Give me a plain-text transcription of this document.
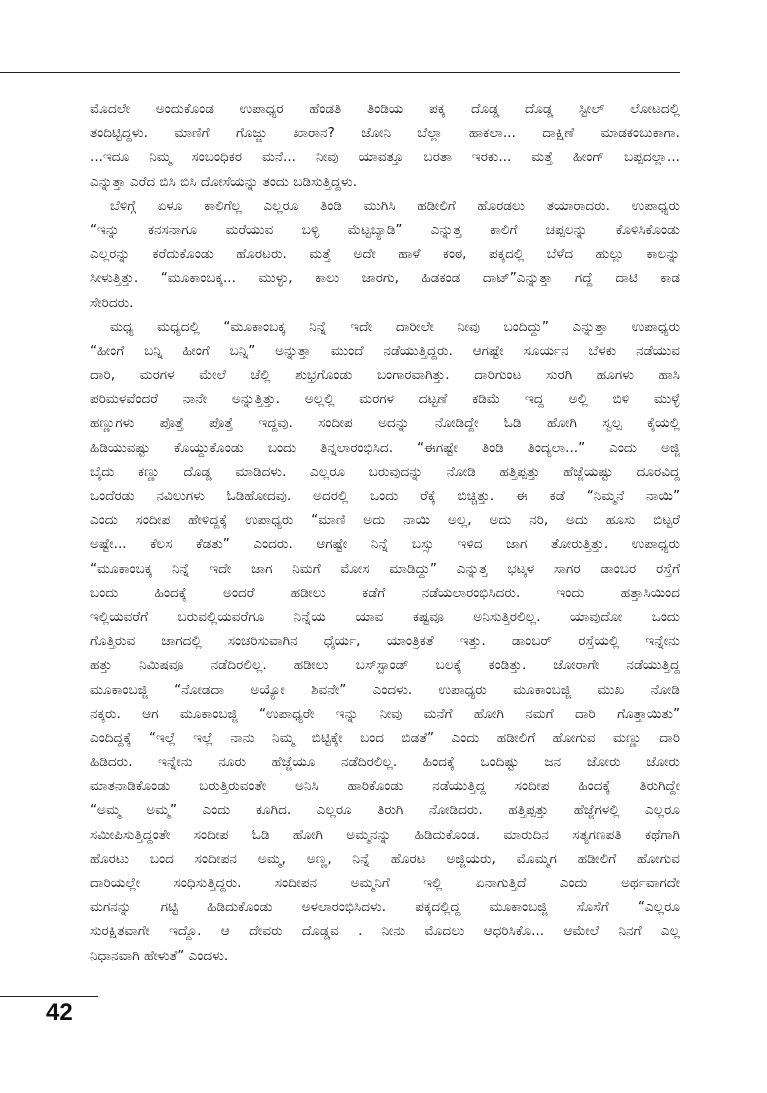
ಮೊದಲೇ ಅಂದುಕೊಂಡ ಉಪಾಧ್ಯರ ಹೆಂಡತಿ ತಿಂಡಿಯ ಪಕ್ಕ ದೊಡ್ಡ ದೊಡ್ಡ ಸ್ಟೀಲ್ ಲೋಟದಲ್ಲಿ
ತಂದಿಟ್ಟಿದ್ದಳು. ಮಾಣಿಗೆ ಗೊಜ್ಜು ಖಾರಾನ? ಜೋನಿ ಬೆಲ್ಲಾ ಹಾಕಲಾ... ದಾಕ್ಷಿಣೆ ಮಾಡಕಂಬುಕಾಗಾ.
...ಇದೂ ನಿಮ್ಮ ಸಂಬಂಧಿಕರ ಮನೆ... ನೀವು ಯಾವತ್ತೂ ಬರತಾ ಇರಕು... ಮತ್ತೆ ಹೀಂಗ್ ಬಪ್ಪದಲ್ಲಾ...
ಎನ್ನುತ್ತಾ ಎರೆದ ಬಿಸಿ ಬಿಸಿ ದೋಸೆಯನ್ನು ತಂದು ಬಡಿಸುತ್ತಿದ್ದಳು.
ಬೆಳಿಗ್ಗೆ ಏಳೂ ಕಾಲಿಗೆಲ್ಲ ಎಲ್ಲರೂ ತಿಂಡಿ ಮುಗಿಸಿ ಹಡೀಲಿಗೆ ಹೊರಡಲು ತಯಾರಾದರು. ಉಪಾಧ್ಯರು
“ಇನ್ನು ಕನಸನಾಗೂ ಮರೆಯುವ ಬಳ್ಳಿ ಮೆಟ್ಟಬ್ಯಾಡಿ” ಎನ್ನುತ್ತ ಕಾಲಿಗೆ ಚಪ್ಪಲನ್ನು ಕೊಳಿಸಿಕೊಂಡು
ಎಲ್ಲರನ್ನು ಕರೆದುಕೊಂಡು ಹೊರಟರು. ಮತ್ತೆ ಅದೇ ಹಾಳೆ ಕಂಠ, ಪಕ್ಕದಲ್ಲಿ ಬೆಳೆದ ಹುಲ್ಲು ಕಾಲನ್ನು
ಸೀಳುತ್ತಿತ್ತು. “ಮೂಕಾಂಬಕ್ಕ... ಮುಳ್ಳು, ಕಾಲು ಜಾರಗು, ಹಿಡಕಂಡ ದಾಟ್”ಎನ್ನುತ್ತಾ ಗದ್ದೆ ದಾಟಿ ಕಾಡ
ಸೇರಿದರು.
ಮಧ್ಯ ಮಧ್ಯದಲ್ಲಿ “ಮೂಕಾಂಬಕ್ಕ ನಿನ್ನೆ ಇದೇ ದಾರೀಲೇ ನೀವು ಬಂದಿದ್ದು” ಎನ್ನುತ್ತಾ ಉಪಾಧ್ಯರು
“ಹೀಂಗೆ ಬನ್ನಿ ಹೀಂಗೆ ಬನ್ನಿ” ಅನ್ನುತ್ತಾ ಮುಂದೆ ನಡೆಯುತ್ತಿದ್ದರು. ಆಗಷ್ಟೇ ಸೂರ್ಯನ ಬೆಳಕು ನಡೆಯುವ
ದಾರಿ, ಮರಗಳ ಮೇಲೆ ಚೆಲ್ಲಿ ಶುಭ್ರಗೊಂಡು ಬಂಗಾರವಾಗಿತ್ತು. ದಾರಿಗುಂಟ ಸುರಗಿ ಹೂಗಳು ಹಾಸಿ
ಪರಿಮಳವೆಂದರೆ ನಾನೇ ಅನ್ನುತ್ತಿತ್ತು. ಅಲ್ಲಲ್ಲಿ ಮರಗಳ ದಟ್ಟಣೆ ಕಡಿಮೆ ಇದ್ದ ಅಲ್ಲಿ ಬಿಳಿ ಮುಳ್ಳೆ
ಹಣ್ಣುಗಳು ಪೊತ್ತೆ ಪೊತ್ತೆ ಇದ್ದವು. ಸಂದೀಪ ಅದನ್ನು ನೋಡಿದ್ದೇ ಓಡಿ ಹೋಗಿ ಸ್ವಲ್ಪ ಕೈಯಲ್ಲಿ
ಹಿಡಿಯುವಷ್ಟು ಕೊಯ್ದುಕೊಂಡು ಬಂದು ತಿನ್ನಲಾರಂಭಿಸಿದ. “ಈಗಷ್ಟೇ ತಿಂಡಿ ತಿಂದ್ಯಲಾ...” ಎಂದು ಅಜ್ಜಿ
ಬೈದು ಕಣ್ಣು ದೊಡ್ಡ ಮಾಡಿದಳು. ಎಲ್ಲರೂ ಬರುವುದನ್ನು ನೋಡಿ ಹತ್ತಿಪ್ಪತ್ತು ಹೆಜ್ಜೆಯಷ್ಟು ದೂರವಿದ್ದ
ಒಂದೆರಡು ನವಿಲುಗಳು ಓಡಿಹೋದವು. ಅದರಲ್ಲಿ ಒಂದು ರೆಕ್ಕೆ ಬಿಚ್ಚಿತ್ತು. ಈ ಕಡೆ “ನಿಮ್ಮನೆ ನಾಯಿ”
ಎಂದು ಸಂದೀಪ ಹೇಳಿದ್ದಕ್ಕೆ ಉಪಾಧ್ಯರು “ಮಾಣಿ ಅದು ನಾಯಿ ಅಲ್ಲ, ಅದು ನರಿ, ಅದು ಹೂಸು ಬಿಟ್ಟರೆ
ಅಷ್ಟೇ... ಕೆಲಸ ಕೆಡತು” ಎಂದರು. ಆಗಷ್ಟೇ ನಿನ್ನೆ ಬಸ್ಸು ಇಳಿದ ಜಾಗ ತೋರುತ್ತಿತ್ತು. ಉಪಾಧ್ಯರು
“ಮೂಕಾಂಬಕ್ಕ ನಿನ್ನೆ ಇದೇ ಜಾಗ ನಿಮಗೆ ಮೋಸ ಮಾಡಿದ್ದು” ಎನ್ನುತ್ತ ಭಟ್ಕಳ ಸಾಗರ ಡಾಂಬರ ರಸ್ತೆಗೆ
ಬಂದು ಹಿಂದಕ್ಕೆ ಅಂದರೆ ಹಡೀಲು ಕಡೆಗೆ ನಡೆಯಲಾರಂಭಿಸಿದರು. ಇಂದು ಹತ್ತಾಸಿಯಿಂದ
ಇಲ್ಲಿಯವರೆಗೆ ಬರುವಲ್ಲಿಯವರೆಗೂ ನಿನ್ನೆಯ ಯಾವ ಕಷ್ಟವೂ ಅನಿಸುತ್ತಿರಲಿಲ್ಲ. ಯಾವುದೋ ಒಂದು
ಗೊತ್ತಿರುವ ಜಾಗದಲ್ಲಿ ಸಂಚರಿಸುವಾಗಿನ ಧೈರ್ಯ, ಯಾಂತ್ರಿಕತೆ ಇತ್ತು. ಡಾಂಬರ್ ರಸ್ತೆಯಲ್ಲಿ ಇನ್ನೇನು
ಹತ್ತು ನಿಮಿಷವೂ ನಡೆದಿರಲಿಲ್ಲ. ಹಡೀಲು ಬಸ್‌ಸ್ಟಾಂಡ್ ಬಲಕ್ಕೆ ಕಂಡಿತ್ತು. ಜೋರಾಗೇ ನಡೆಯುತ್ತಿದ್ದ
ಮೂಕಾಂಬಜ್ಜಿ “ನೋಡದಾ ಅಯ್ಯೋ ಶಿವನೇ” ಎಂದಳು. ಉಪಾಧ್ಯರು ಮೂಕಾಂಬಜ್ಜಿ ಮುಖ ನೋಡಿ
ನಕ್ಕರು. ಆಗ ಮೂಕಾಂಬಜ್ಜಿ “ಉಪಾಧ್ಯರೇ ಇನ್ನು ನೀವು ಮನೆಗೆ ಹೋಗಿ ನಮಗೆ ದಾರಿ ಗೊತ್ತಾಯಿತು”
ಎಂದಿದ್ದಕ್ಕೆ “ಇಲ್ಲೆ ಇಲ್ಲೆ ನಾನು ನಿಮ್ಮ ಬಿಟ್ಟಿಕ್ಕೇ ಬಂದ ಬಿಡತೆ” ಎಂದು ಹಡೀಲಿಗೆ ಹೋಗುವ ಮಣ್ಣು ದಾರಿ
ಹಿಡಿದರು. ಇನ್ನೇನು ನೂರು ಹೆಜ್ಜೆಯೂ ನಡೆದಿರಲಿಲ್ಲ. ಹಿಂದಕ್ಕೆ ಒಂದಿಷ್ಟು ಜನ ಜೋರು ಜೋರು
ಮಾತನಾಡಿಕೊಂಡು ಬರುತ್ತಿರುವಂತೇ ಅನಿಸಿ ಹಾರಿಕೊಂಡು ನಡೆಯುತ್ತಿದ್ದ ಸಂದೀಪ ಹಿಂದಕ್ಕೆ ತಿರುಗಿದ್ದೇ
“ಅಮ್ಮ ಅಮ್ಮ” ಎಂದು ಕೂಗಿದ. ಎಲ್ಲರೂ ತಿರುಗಿ ನೋಡಿದರು. ಹತ್ತಿಪ್ಪತ್ತು ಹೆಜ್ಜೆಗಳಲ್ಲಿ ಎಲ್ಲರೂ
ಸಮೀಪಿಸುತ್ತಿದ್ದಂತೇ ಸಂದೀಪ ಓಡಿ ಹೋಗಿ ಅಮ್ಮನನ್ನು ಹಿಡಿದುಕೊಂಡ. ಮಾರುದಿನ ಸತ್ಯಗಣಪತಿ ಕಥೆಗಾಗಿ
ಹೊರಟು ಬಂದ ಸಂದೀಪನ ಅಮ್ಮ, ಅಣ್ಣ, ನಿನ್ನೆ ಹೊರಟ ಅಜ್ಜಿಯರು, ಮೊಮ್ಮಗ ಹಡೀಲಿಗೆ ಹೋಗುವ
ದಾರಿಯಲ್ಲೇ ಸಂಧಿಸುತ್ತಿದ್ದರು. ಸಂದೀಪನ ಅಮ್ಮನಿಗೆ ಇಲ್ಲಿ ಏನಾಗುತ್ತಿದೆ ಎಂದು ಅರ್ಥವಾಗದೇ
ಮಗನನ್ನು ಗಟ್ಟಿ ಹಿಡಿದುಕೊಂಡು ಅಳಲಾರಂಭಿಸಿದಳು. ಪಕ್ಕದಲ್ಲಿದ್ದ ಮೂಕಾಂಬಜ್ಜಿ ಸೊಸೆಗೆ “ಎಲ್ಲರೂ
ಸುರಕ್ಷಿತವಾಗೇ ಇದ್ದೊ. ಆ ದೇವರು ದೊಡ್ಡವ . ನೀನು ಮೊದಲು ಆಧರಿಸಿಕೊ... ಆಮೇಲೆ ನಿನಗೆ ಎಲ್ಲ
ನಿಧಾನವಾಗಿ ಹೇಳುತೆ” ಎಂದಳು.
42
